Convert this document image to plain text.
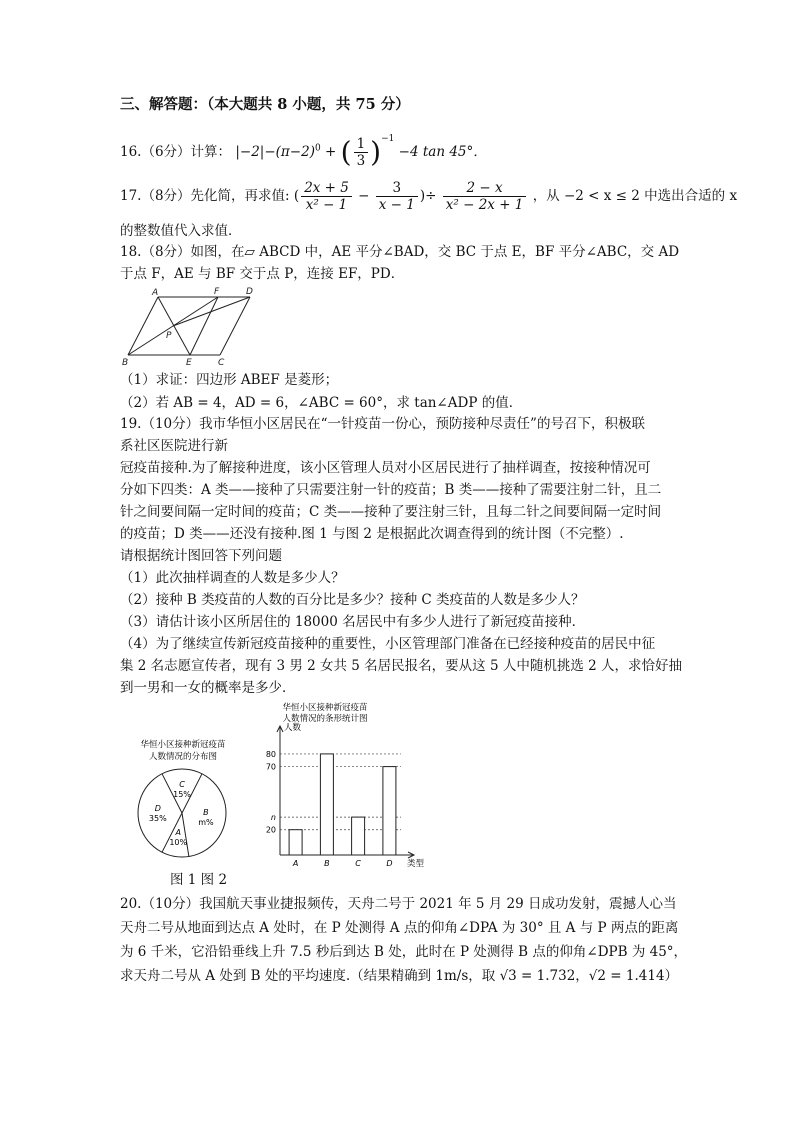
三、解答题：（本大题共 8 小题，共 75 分）
16.（6分）计算： $|-2|-(\pi-2)^0$ + ( $\frac{1}{3} )^{-1} -4$ tan 45°．
17.（8分）先化简，再求值: ( $\frac{2x + 5}{\text{x² − 1}} - \frac{3}{x - 1}$ )÷ $\frac{2 - x}{\text{x² − 2x + 1}}$ ，从 −2 < x ≤ 2 中选出合适的 x
的整数值代入求值．
18.（8分）如图，在▱ ABCD 中，AE 平分∠BAD，交 BC 于点 E，BF 平分∠ABC，交 AD
于点 F，AE 与 BF 交于点 P，连接 EF，PD．
A	F	D
P
B	E	C
（1）求证：四边形 ABEF 是菱形；
（2）若 AB = 4，AD = 6，∠ABC = 60°，求 tan∠ADP 的值．
19.（10分）我市华恒小区居民在“一针疫苗一份心，预防接种尽责任”的号召下，积极联
系社区医院进行新
冠疫苗接种.为了解接种进度，该小区管理人员对小区居民进行了抽样调查，按接种情况可
分如下四类：A 类——接种了只需要注射一针的疫苗；B 类——接种了需要注射二针，且二
针之间要间隔一定时间的疫苗；C 类——接种了要注射三针，且每二针之间要间隔一定时间
的疫苗；D 类——还没有接种.图 1 与图 2 是根据此次调查得到的统计图（不完整）.
请根据统计图回答下列问题
（1）此次抽样调查的人数是多少人？
（2）接种 B 类疫苗的人数的百分比是多少？接种 C 类疫苗的人数是多少人？
（3）请估计该小区所居住的 18000 名居民中有多少人进行了新冠疫苗接种．
（4）为了继续宣传新冠疫苗接种的重要性，小区管理部门准备在已经接种疫苗的居民中征
集 2 名志愿宣传者，现有 3 男 2 女共 5 名居民报名，要从这 5 人中随机挑选 2 人，求恰好抽
到一男和一女的概率是多少．
华恒小区接种新冠疫苗
人数情况的分布图
C
15%
B
m%
A
10%
D
35%
华恒小区接种新冠疫苗
人数情况的条形统计图
人数
类型
20
n
70
80
A	B	C	D
图 1 图 2
20.（10分）我国航天事业捷报频传，天舟二号于 2021 年 5 月 29 日成功发射，震撼人心当
天舟二号从地面到达点 A 处时，在 P 处测得 A 点的仰角∠DPA 为 30° 且 A 与 P 两点的距离
为 6 千米，它沿铅垂线上升 7.5 秒后到达 B 处，此时在 P 处测得 B 点的仰角∠DPB 为 45°，
求天舟二号从 A 处到 B 处的平均速度.（结果精确到 1m/s，取 √3 = 1.732，√2 = 1.414）
